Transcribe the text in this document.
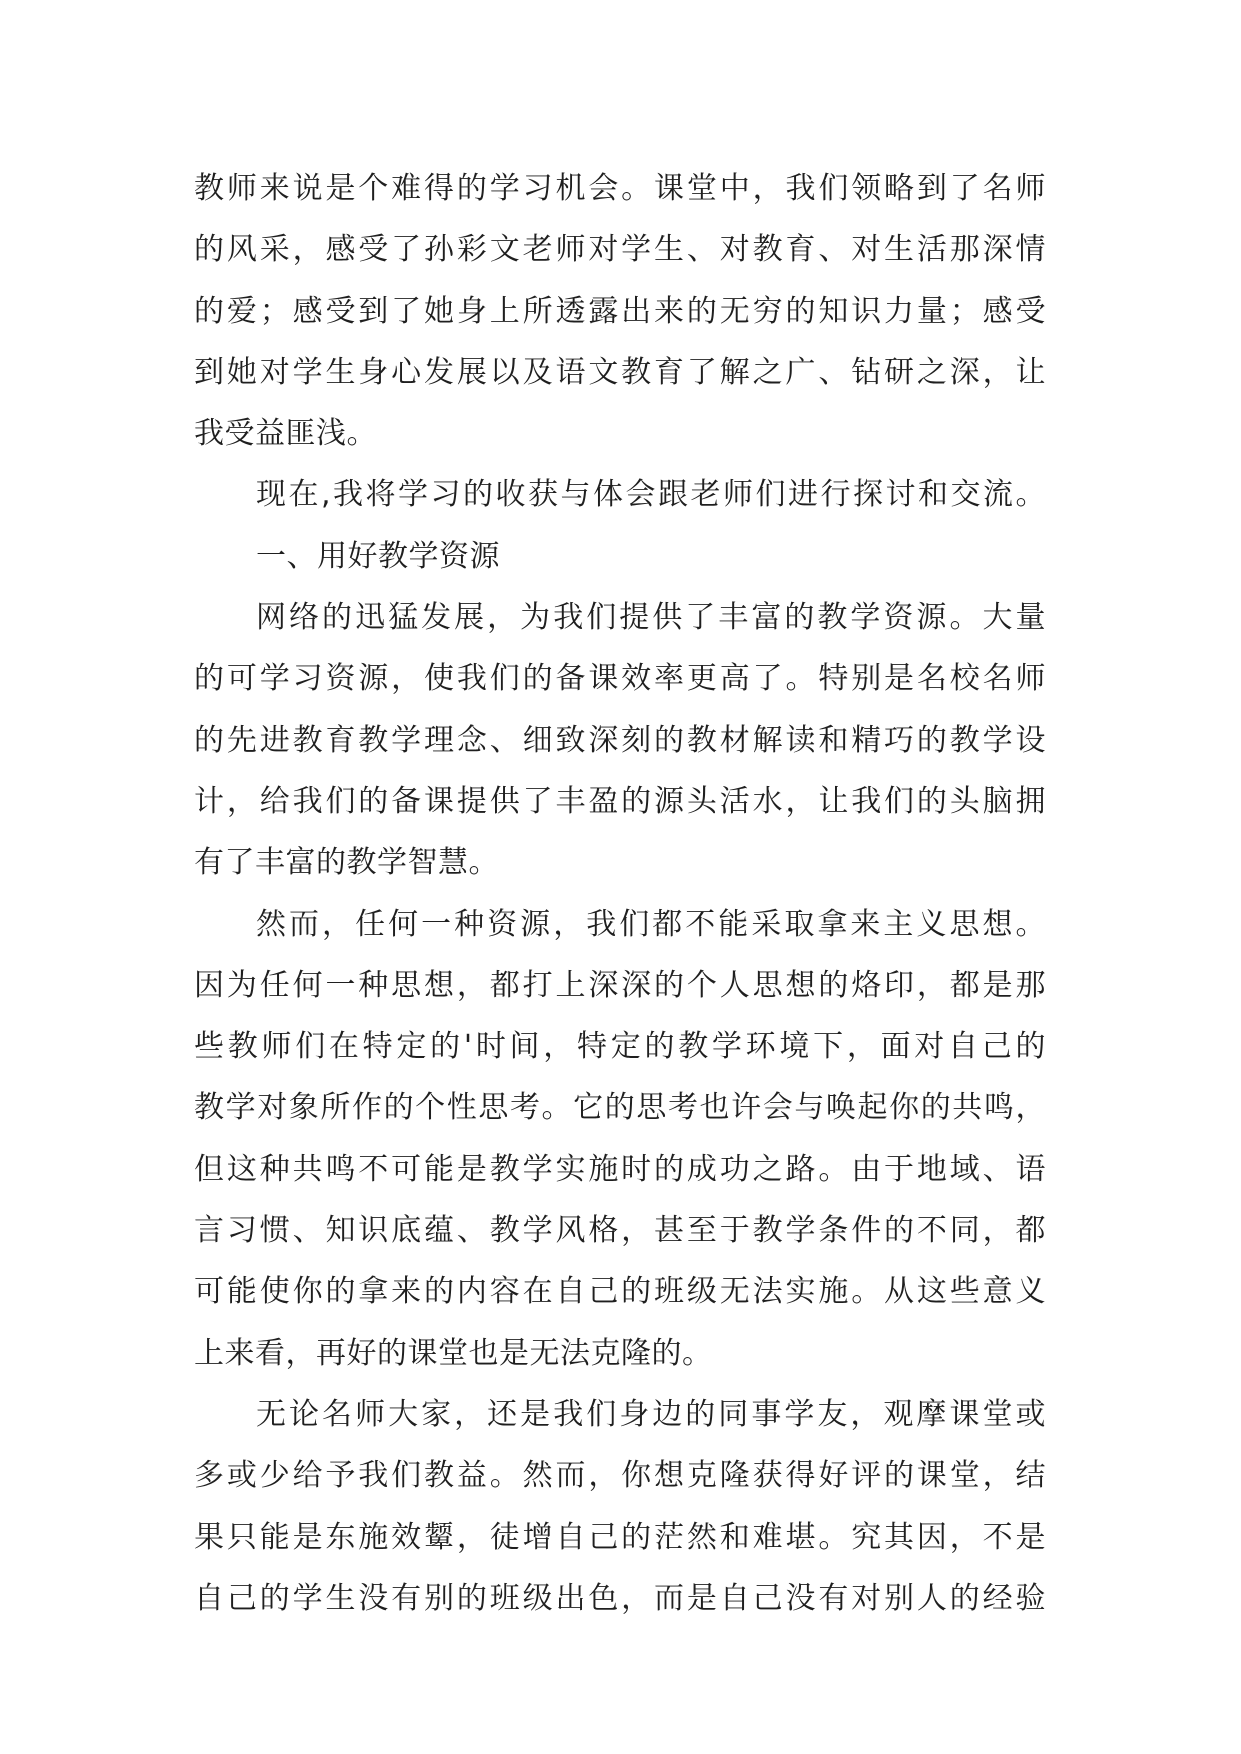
教师来说是个难得的学习机会。课堂中，我们领略到了名师
的风采，感受了孙彩文老师对学生、对教育、对生活那深情
的爱；感受到了她身上所透露出来的无穷的知识力量；感受
到她对学生身心发展以及语文教育了解之广、钻研之深，让
我受益匪浅。
现在,我将学习的收获与体会跟老师们进行探讨和交流。
一、用好教学资源
网络的迅猛发展，为我们提供了丰富的教学资源。大量
的可学习资源，使我们的备课效率更高了。特别是名校名师
的先进教育教学理念、细致深刻的教材解读和精巧的教学设
计，给我们的备课提供了丰盈的源头活水，让我们的头脑拥
有了丰富的教学智慧。
然而，任何一种资源，我们都不能采取拿来主义思想。
因为任何一种思想，都打上深深的个人思想的烙印，都是那
些教师们在特定的'时间，特定的教学环境下，面对自己的
教学对象所作的个性思考。它的思考也许会与唤起你的共鸣，
但这种共鸣不可能是教学实施时的成功之路。由于地域、语
言习惯、知识底蕴、教学风格，甚至于教学条件的不同，都
可能使你的拿来的内容在自己的班级无法实施。从这些意义
上来看，再好的课堂也是无法克隆的。
无论名师大家，还是我们身边的同事学友，观摩课堂或
多或少给予我们教益。然而，你想克隆获得好评的课堂，结
果只能是东施效颦，徒增自己的茫然和难堪。究其因，不是
自己的学生没有别的班级出色，而是自己没有对别人的经验
